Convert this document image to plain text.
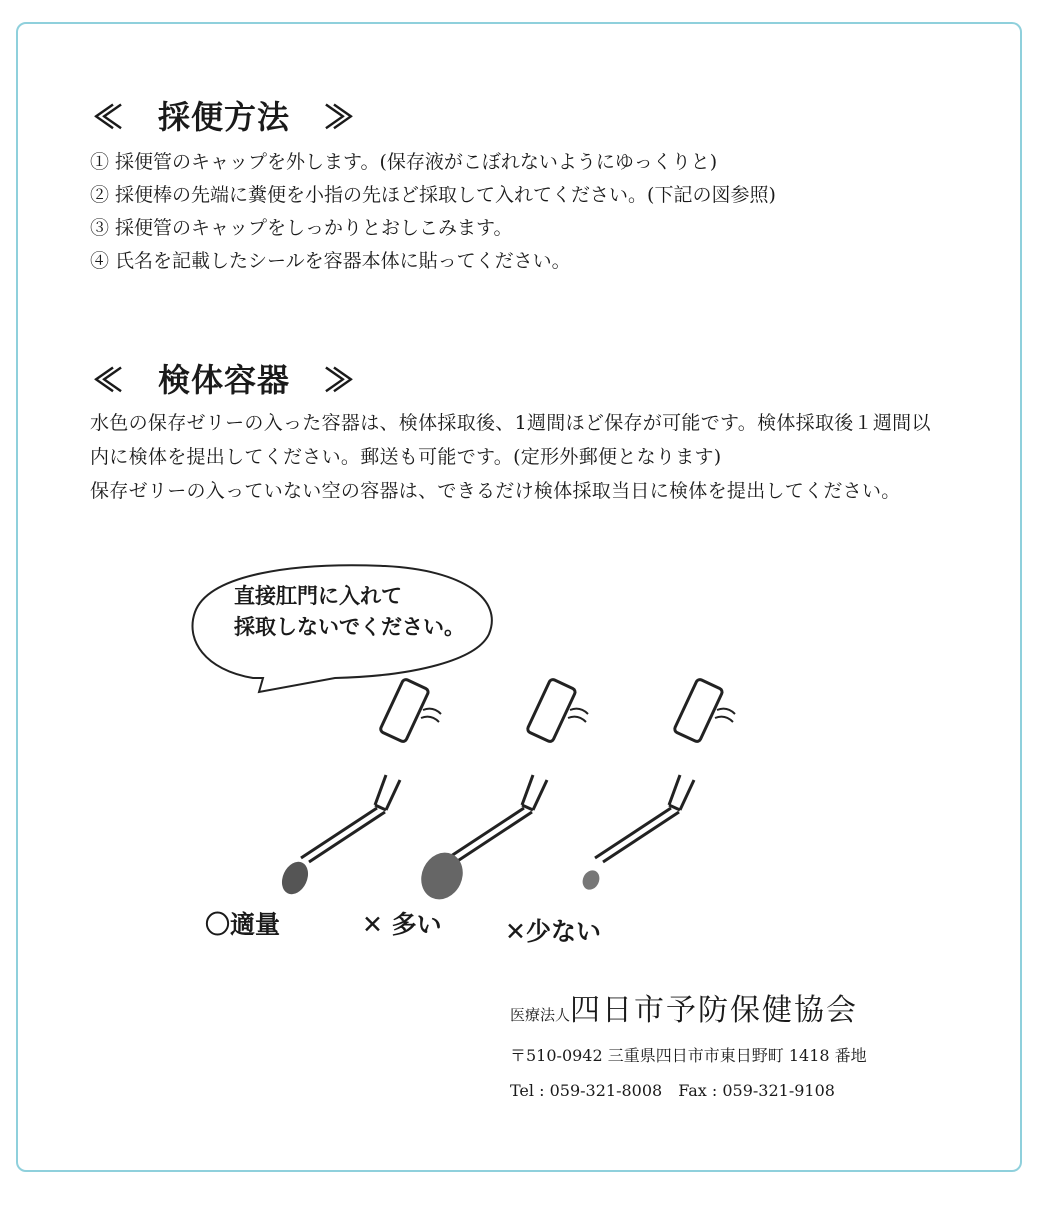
≪　採便方法　≫
① 採便管のキャップを外します。(保存液がこぼれないようにゆっくりと)
② 採便棒の先端に糞便を小指の先ほど採取して入れてください。(下記の図参照)
③ 採便管のキャップをしっかりとおしこみます。
④ 氏名を記載したシールを容器本体に貼ってください。
≪　検体容器　≫

水色の保存ゼリーの入った容器は、検体採取後、1週間ほど保存が可能です。検体採取後１週間以内に検体を提出してください。郵送も可能です。(定形外郵便となります)

保存ゼリーの入っていない空の容器は、できるだけ検体採取当日に検体を提出してください。

直接肛門に入れて
採取しないでください。
〇適量	✕ 多い	✕少ない
医療法人四日市予防保健協会
〒510-0942 三重県四日市市東日野町 1418 番地
Tel : 059-321-8008　Fax : 059-321-9108
